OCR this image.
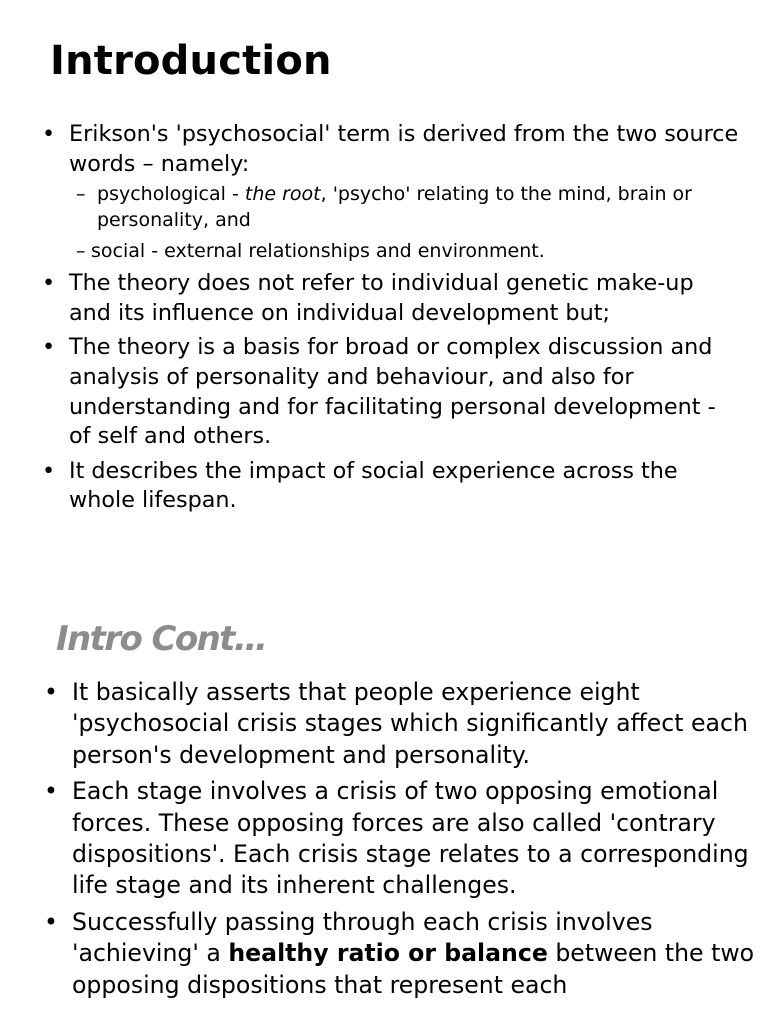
Introduction
• Erikson's 'psychosocial' term is derived from the two source words – namely:
– psychological - the root, 'psycho' relating to the mind, brain or personality, and
– social - external relationships and environment.
• The theory does not refer to individual genetic make-up and its influence on individual development but;
• The theory is a basis for broad or complex discussion and analysis of personality and behaviour, and also for understanding and for facilitating personal development - of self and others.
• It describes the impact of social experience across the whole lifespan.
Intro Cont…
• It basically asserts that people experience eight 'psychosocial crisis stages which significantly affect each person's development and personality.
• Each stage involves a crisis of two opposing emotional forces. These opposing forces are also called 'contrary dispositions'. Each crisis stage relates to a corresponding life stage and its inherent challenges.
• Successfully passing through each crisis involves 'achieving' a healthy ratio or balance between the two opposing dispositions that represent each
